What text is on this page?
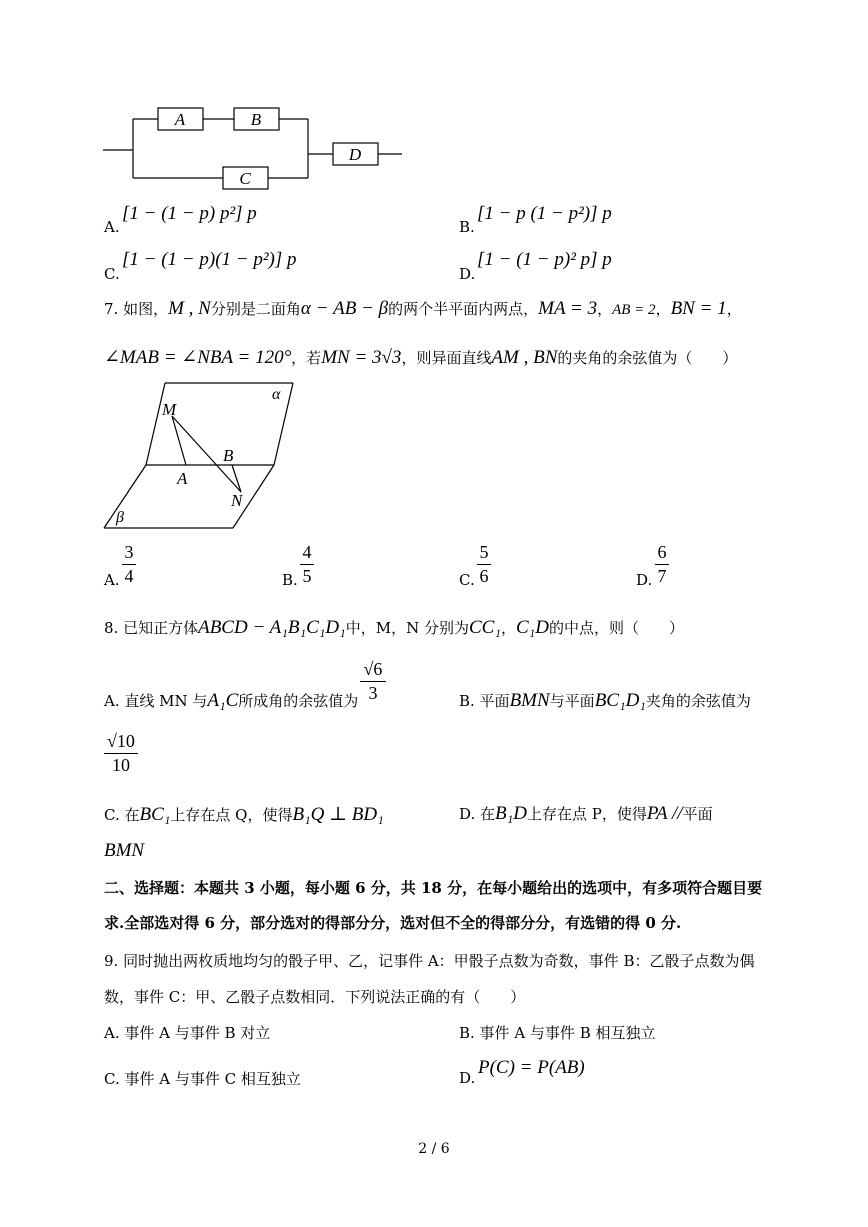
A	B
C
D
A.
[1 − (1 − p) p²] p
B.
[1 − p (1 − p²)] p
C.
[1 − (1 − p)(1 − p²)] p
D.
[1 − (1 − p)² p] p
7. 如图，M , N分别是二面角α − AB − β的两个半平面内两点，MA = 3，AB = 2，BN = 1，
∠MAB = ∠NBA = 120°，若MN = 3√3，则异面直线AM , BN的夹角的余弦值为（　　）
α
M
A
B
N
β
A.
3
4	B.
4
5	C.
5
6	D.
6
7
8. 已知正方体ABCD − A₁B₁C₁D₁中，M，N 分别为CC₁，C₁D的中点，则（　　）
A. 直线 MN 与A₁C所成角的余弦值为
√6
3	B. 平面BMN与平面BC₁D₁夹角的余弦值为
√10
10
C. 在BC₁上存在点 Q，使得B₁Q ⊥ BD₁	D. 在B₁D上存在点 P，使得PA //平面
BMN
二、选择题：本题共 3 小题，每小题 6 分，共 18 分，在每小题给出的选项中，有多项符合题目要
求.全部选对得 6 分，部分选对的得部分分，选对但不全的得部分分，有选错的得 0 分.
9. 同时抛出两枚质地均匀的骰子甲、乙，记事件 A：甲骰子点数为奇数，事件 B：乙骰子点数为偶
数，事件 C：甲、乙骰子点数相同．下列说法正确的有（　　）
A. 事件 A 与事件 B 对立	B. 事件 A 与事件 B 相互独立
C. 事件 A 与事件 C 相互独立	D. P(C) = P(AB)
2 / 6
